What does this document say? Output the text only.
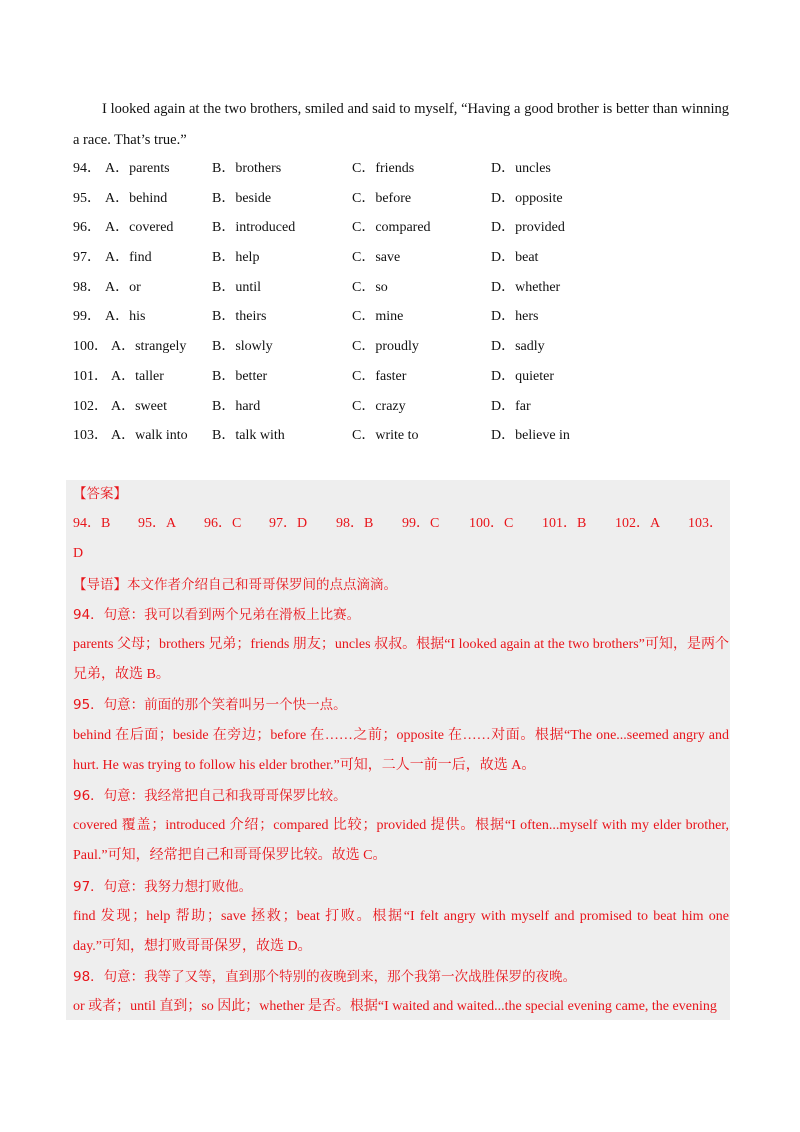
I looked again at the two brothers, smiled and said to myself, “Having a good brother is better than winning a race. That’s true.”
94． A．parents	B．brothers	C．friends	D．uncles
95． A．behind	B．beside	C．before	D．opposite
96． A．covered	B．introduced	C．compared	D．provided
97． A．find	B．help	C．save	D．beat
98． A．or	B．until	C．so	D．whether
99． A．his	B．theirs	C．mine	D．hers
100． A．strangely B．slowly	C．proudly	D．sadly
101． A．taller	B．better	C．faster	D．quieter
102． A．sweet	B．hard	C．crazy	D．far
103． A．walk into B．talk with	C．write to	D．believe in
【答案】
94．B 95．A 96．C 97．D 98．B 99．C 100．C 101．B 102．A 103．
D
【导语】本文作者介绍自己和哥哥保罗间的点点滴滴。
94．句意：我可以看到两个兄弟在滑板上比赛。
parents 父母；brothers 兄弟；friends 朋友；uncles 叔叔。根据“I looked again at the two brothers”可知，是两个兄弟，故选 B。
95．句意：前面的那个笑着叫另一个快一点。
behind 在后面；beside 在旁边；before 在……之前；opposite 在……对面。根据“The one...seemed angry and hurt. He was trying to follow his elder brother.”可知，二人一前一后，故选 A。
96．句意：我经常把自己和我哥哥保罗比较。
covered 覆盖；introduced 介绍；compared 比较；provided 提供。根据“I often...myself with my elder brother, Paul.”可知，经常把自己和哥哥保罗比较。故选 C。
97．句意：我努力想打败他。
find 发现；help 帮助；save 拯救；beat 打败。根据“I felt angry with myself and promised to beat him one day.”可知，想打败哥哥保罗，故选 D。
98．句意：我等了又等，直到那个特别的夜晚到来，那个我第一次战胜保罗的夜晚。
or 或者；until 直到；so 因此；whether 是否。根据“I waited and waited...the special evening came, the evening
